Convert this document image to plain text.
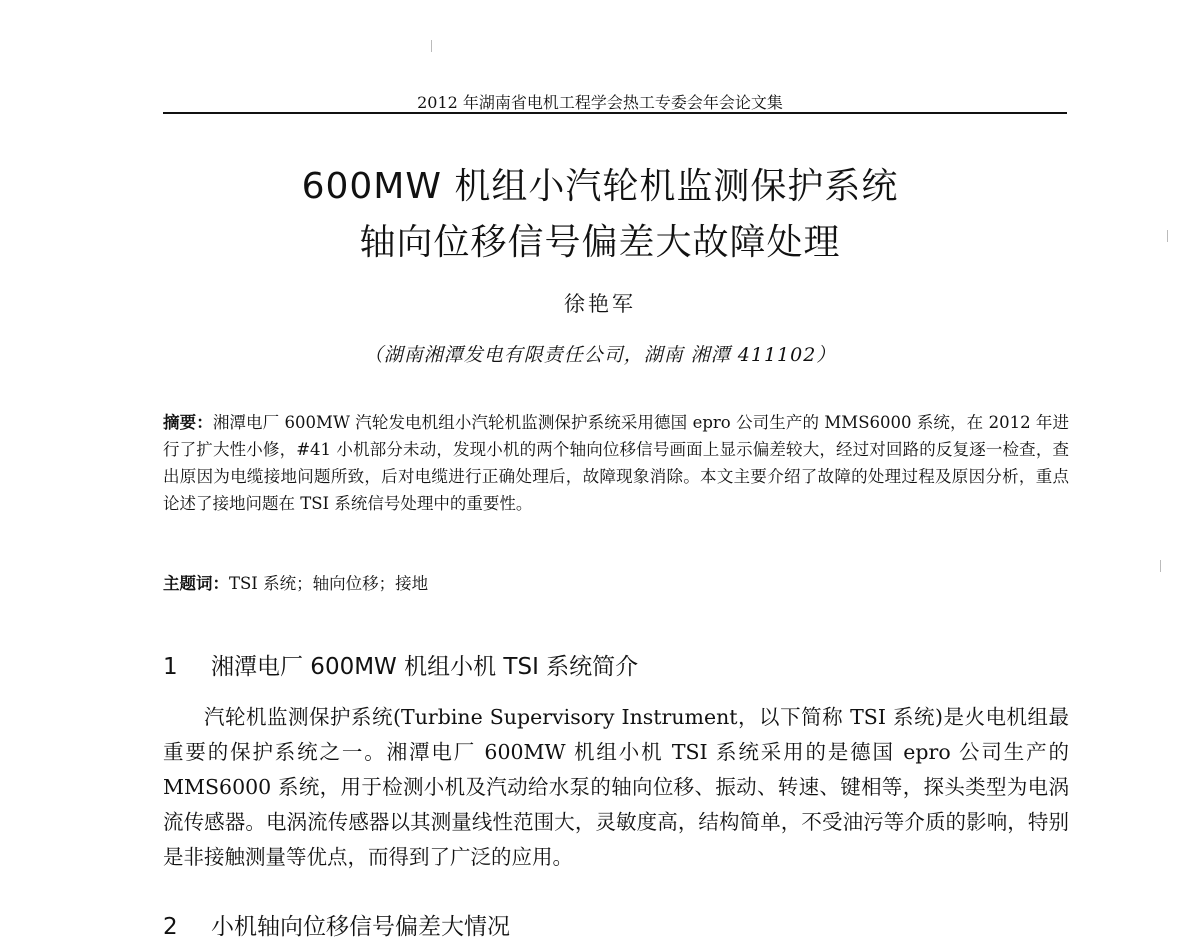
2012 年湖南省电机工程学会热工专委会年会论文集
600MW 机组小汽轮机监测保护系统
轴向位移信号偏差大故障处理
徐艳军
（湖南湘潭发电有限责任公司，湖南 湘潭 411102）

摘要：湘潭电厂 600MW 汽轮发电机组小汽轮机监测保护系统采用德国 epro 公司生产的 MMS6000 系统，在 2012 年进行了扩大性小修，#41 小机部分未动，发现小机的两个轴向位移信号画面上显示偏差较大，经过对回路的反复逐一检查，查出原因为电缆接地问题所致，后对电缆进行正确处理后，故障现象消除。本文主要介绍了故障的处理过程及原因分析，重点论述了接地问题在 TSI 系统信号处理中的重要性。

主题词：TSI 系统；轴向位移；接地
1 湘潭电厂 600MW 机组小机 TSI 系统简介

汽轮机监测保护系统(Turbine Supervisory Instrument，以下简称 TSI 系统)是火电机组最重要的保护系统之一。湘潭电厂 600MW 机组小机 TSI 系统采用的是德国 epro 公司生产的 MMS6000 系统，用于检测小机及汽动给水泵的轴向位移、振动、转速、键相等，探头类型为电涡流传感器。电涡流传感器以其测量线性范围大，灵敏度高，结构简单，不受油污等介质的影响，特别是非接触测量等优点，而得到了广泛的应用。

2 小机轴向位移信号偏差大情况
